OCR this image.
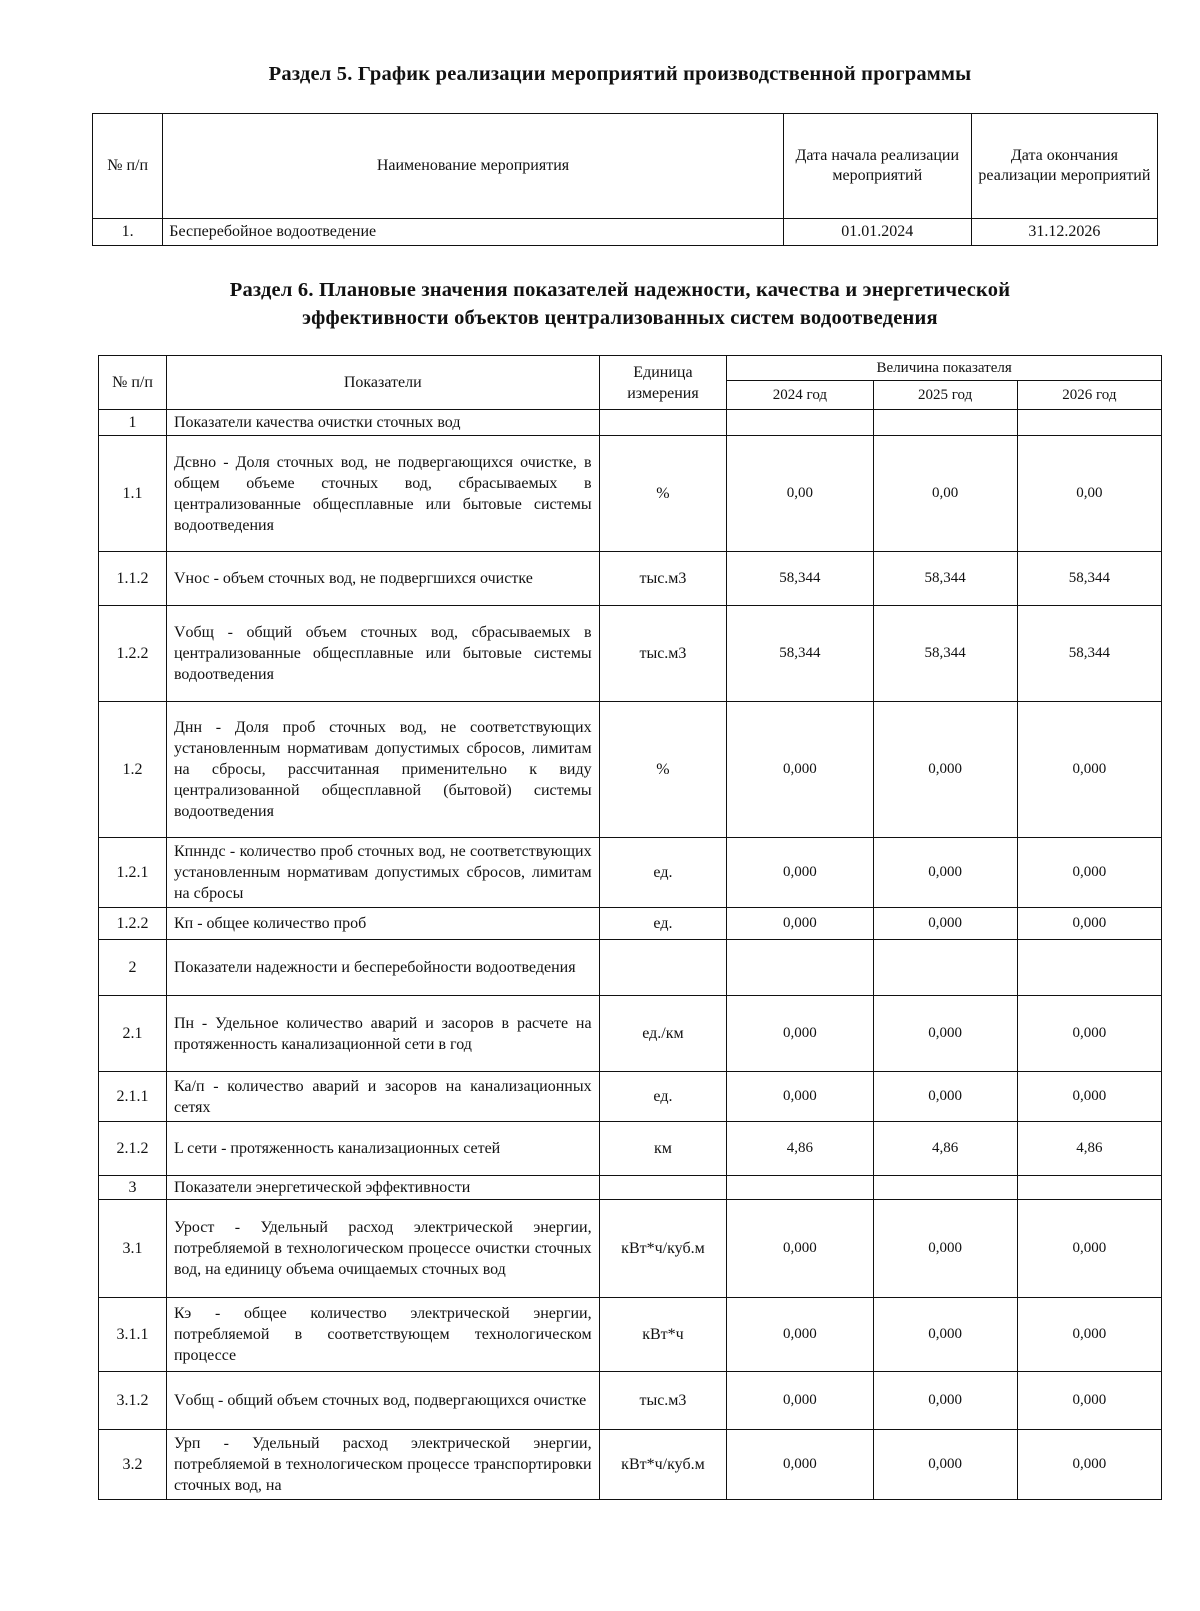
Раздел 5. График реализации мероприятий производственной программы
№ п/п	Наименование мероприятия	Дата начала реализации мероприятий	Дата окончания реализации мероприятий
1.	Бесперебойное водоотведение	01.01.2024	31.12.2026
Раздел 6. Плановые значения показателей надежности, качества и энергетической
эффективности объектов централизованных систем водоотведения
№ п/п	Показатели	Единица измерения	Величина показателя		
			2024 год	2025 год	2026 год
1	Показатели качества очистки сточных вод				
1.1	Дсвно - Доля сточных вод, не подвергающихся очистке, в общем объеме сточных вод, сбрасываемых в централизованные общесплавные или бытовые системы водоотведения	%	0,00	0,00	0,00
1.1.2	Vнос - объем сточных вод, не подвергшихся очистке	тыс.м3	58,344	58,344	58,344
1.2.2	Vобщ - общий объем сточных вод, сбрасываемых в централизованные общесплавные или бытовые системы водоотведения	тыс.м3	58,344	58,344	58,344
1.2	Днн - Доля проб сточных вод, не соответствующих установленным нормативам допустимых сбросов, лимитам на сбросы, рассчитанная применительно к виду централизованной общесплавной (бытовой) системы водоотведения	%	0,000	0,000	0,000
1.2.1	Кпнндс - количество проб сточных вод, не соответствующих установленным нормативам допустимых сбросов, лимитам на сбросы	ед.	0,000	0,000	0,000
1.2.2	Кп - общее количество проб	ед.	0,000	0,000	0,000
2	Показатели надежности и бесперебойности водоотведения				
2.1	Пн - Удельное количество аварий и засоров в расчете на протяженность канализационной сети в год	ед./км	0,000	0,000	0,000
2.1.1	Ка/п - количество аварий и засоров на канализационных сетях	ед.	0,000	0,000	0,000
2.1.2	L сети - протяженность канализационных сетей	км	4,86	4,86	4,86
3	Показатели энергетической эффективности				
3.1	Урост - Удельный расход электрической энергии, потребляемой в технологическом процессе очистки сточных вод, на единицу объема очищаемых сточных вод	кВт*ч/куб.м	0,000	0,000	0,000
3.1.1	Кэ - общее количество электрической энергии, потребляемой в соответствующем технологическом процессе	кВт*ч	0,000	0,000	0,000
3.1.2	Vобщ - общий объем сточных вод, подвергающихся очистке	тыс.м3	0,000	0,000	0,000
3.2	Урп - Удельный расход электрической энергии, потребляемой в технологическом процессе транспортировки сточных вод, на	кВт*ч/куб.м	0,000	0,000	0,000
